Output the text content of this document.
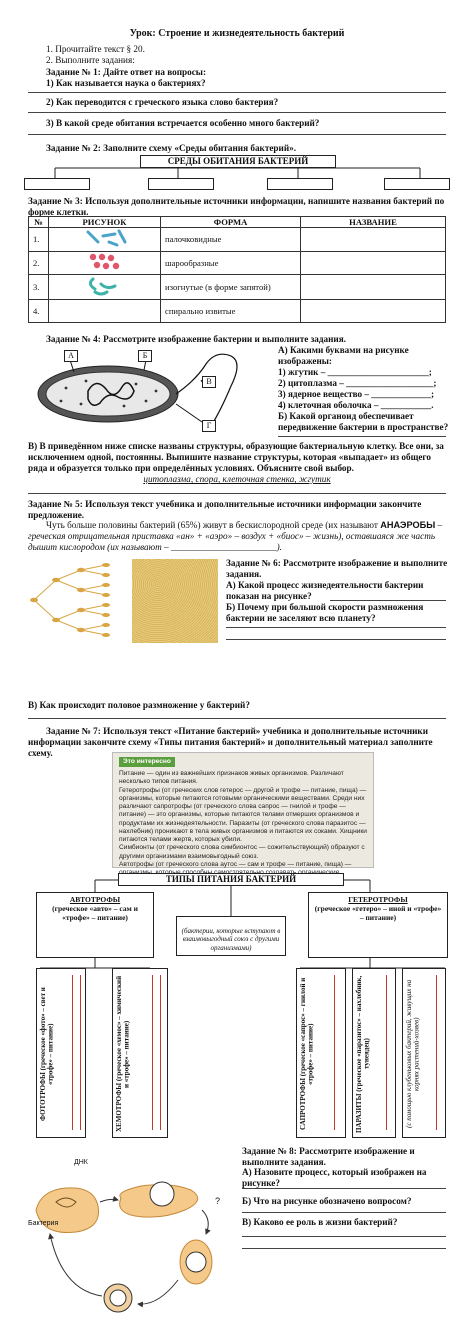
Урок: Строение и жизнедеятельность бактерий
1. Прочитайте текст § 20.
2. Выполните задания:
Задание № 1: Дайте ответ на вопросы:
1) Как называется наука о бактериях?
2) Как переводится с греческого языка слово бактерия?
3) В какой среде обитания встречается особенно много бактерий?
Задание № 2: Заполните схему «Среды обитания бактерий».
СРЕДЫ ОБИТАНИЯ БАКТЕРИЙ
Задание № 3: Используя дополнительные источники информации, напишите названия бактерий по форме клетки.
№	РИСУНОК	ФОРМА	НАЗВАНИЕ
1.		палочковидные	
2.		шарообразные	
3.		изогнутые (в форме запятой)	
4.		спирально извитые	
Задание № 4: Рассмотрите изображение бактерии и выполните задания.
А	Б
В
Г
А) Какими буквами на рисунке изображены:
1) жгутик – ______________________;
2) цитоплазма – ___________________;
3) ядерное вещество – _____________;
4) клеточная оболочка – ___________.
Б) Какой органоид обеспечивает передвижение бактерии в пространстве?
В) В приведённом ниже списке названы структуры, образующие бактериальную клетку. Все они, за исключением одной, постоянны. Выпишите название структуры, которая «выпадает» из общего ряда и образуется только при определённых условиях. Объясните свой выбор.
цитоплазма, спора, клеточная стенка, жгутик
Задание № 5: Используя текст учебника и дополнительные источники информации закончите предложение.
Чуть больше половины бактерий (65%) живут в бескислородной среде (их называют АНАЭРОБЫ – греческая отрицательная приставка «ан» + «аэро» – воздух + «биос» – жизнь), оставшаяся же часть дышит кислородом (их называют – _______________________).
Задание № 6: Рассмотрите изображение и выполните задания.
А) Какой процесс жизнедеятельности бактерии показан на рисунке?
Б) Почему при большой скорости размножения бактерии не заселяют всю планету?
В) Как происходит половое размножение у бактерий?
Задание № 7: Используя текст «Питание бактерий» учебника и дополнительные источники информации закончите схему «Типы питания бактерий» и дополнительный материал заполните схему.
Это интересно
Питание — один из важнейших признаков живых организмов. Различают несколько типов питания.
Гетеротрофы (от греческих слов гетерос — другой и трофе — питание, пища) — организмы, которые питаются готовыми органическими веществами. Среди них различают сапротрофы (от греческого слова сапрос — гнилой и трофе — питание) — это организмы, которые питаются телами отмерших организмов и продуктами их жизнедеятельности. Паразиты (от греческого слова паразитос — нахлебник) проникают в тела живых организмов и питаются их соками. Хищники питаются телами жертв, которых убили.
Симбионты (от греческого слова симбионтос — сожительствующий) образуют с другими организмами взаимовыгодный союз.
Автотрофы (от греческого слова аутос — сам и трофе — питание, пища) —
ТИПЫ ПИТАНИЯ БАКТЕРИЙ
АВТОТРОФЫ
(греческое «авто» – сам и «трофе» – питание)
(бактерии, которые вступают в взаимовыгодный союз с другими организмами)
ГЕТЕРОТРОФЫ
(греческое «гетеро» – иной и «трофе» – питание)
ФОТОТРОФЫ (греческое «фото» – свет и «трофе» – питание)	ХЕМОТРОФЫ (греческое «хемос» – химический и «трофе» – питание)	САПРОТРОФЫ (греческое «сапрос» – гнилой и «трофе» – питание)	ПАРАЗИТЫ (греческое «паразитос» – нахлебник, тунеядец)	(с помощью клубеньковых бактерий, живущих на корнях растений-хозяев)
ДНК
Бактерия
?
Задание № 8: Рассмотрите изображение и выполните задания.
А) Назовите процесс, который изображен на рисунке?
Б) Что на рисунке обозначено вопросом?
В) Каково ее роль в жизни бактерий?
